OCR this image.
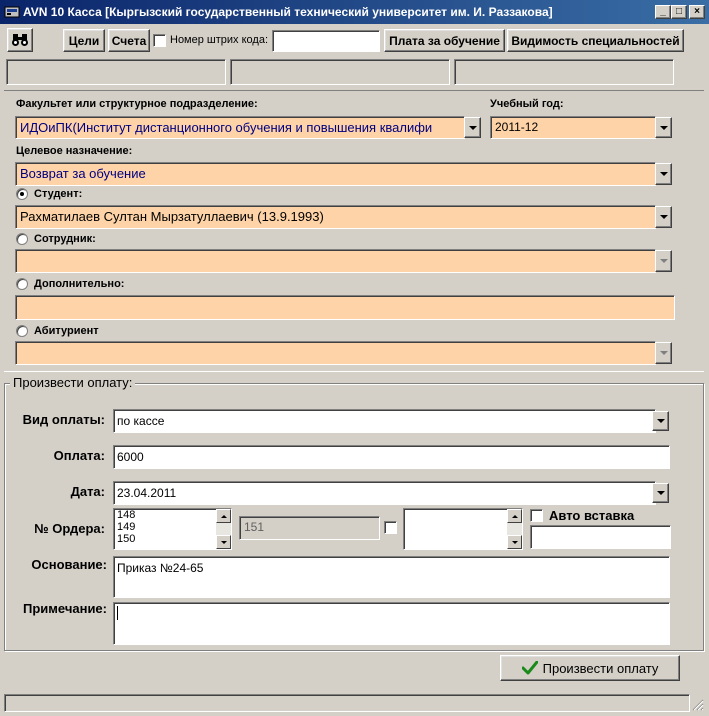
AVN 10 Касса [Кыргызский государственный технический университет им. И. Раззакова]	_	□	×
Цели	Счета	Номер штрих кода:	Плата за обучение Видимость специальностей
Факультет или структурное подразделение:
ИДОиПК(Институт дистанционного обучения и повышения квалифи
Учебный год:
2011-12
Целевое назначение:
Возврат за обучение
Студент:
Рахматилаев Султан Мырзатуллаевич (13.9.1993)
Сотрудник:
Дополнительно:
Абитуриент
Произвести оплату:
Вид оплаты:	по кассе
Оплата:	6000
Дата:	23.04.2011
№ Ордера:
148
149
150
151
Авто вставка
Основание: Приказ №24-65
Примечание:
Произвести оплату
